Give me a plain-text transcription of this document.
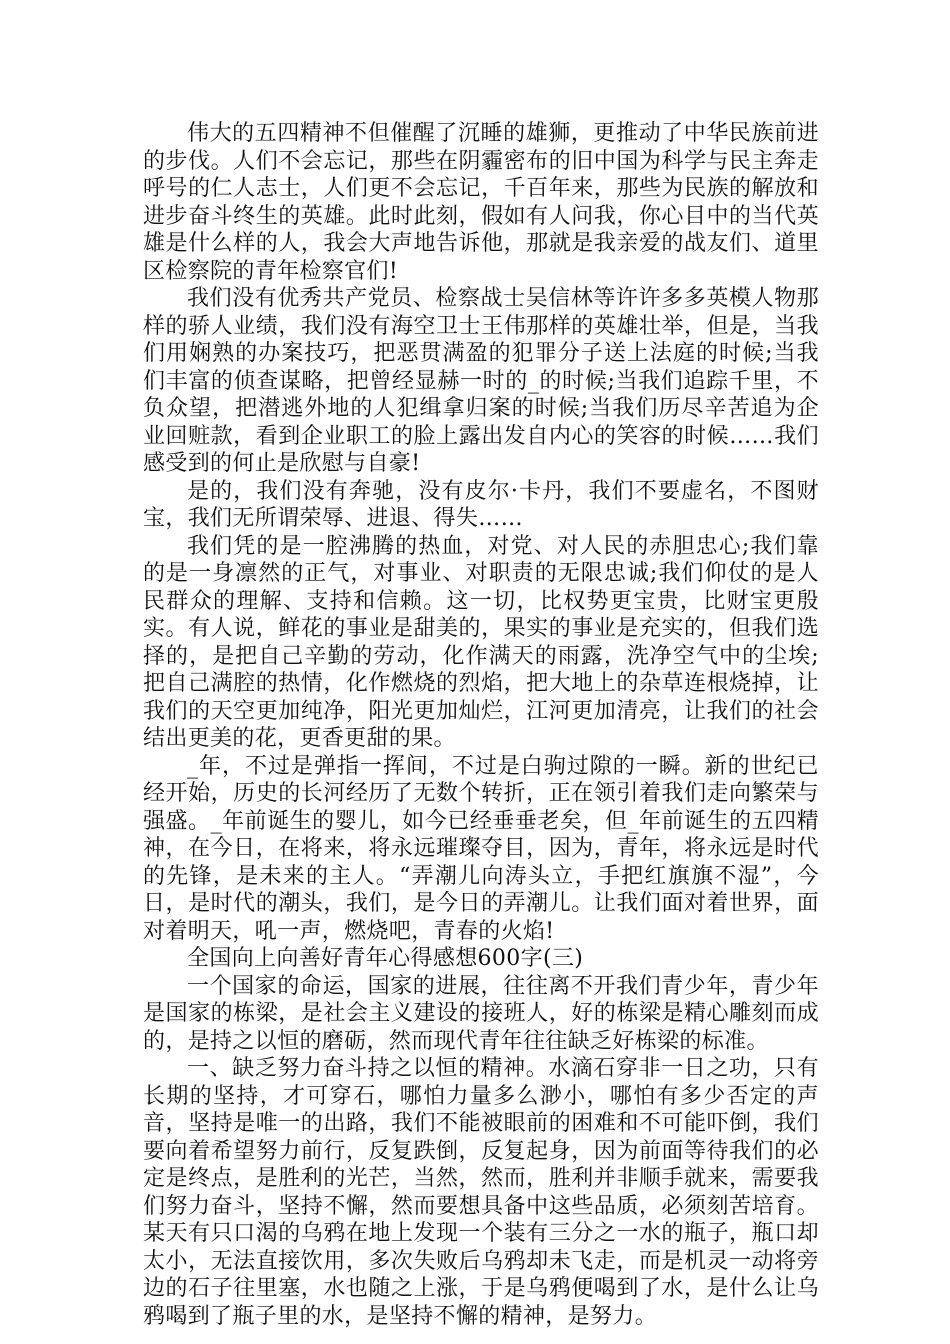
伟大的五四精神不但催醒了沉睡的雄狮，更推动了中华民族前进的步伐。人们不会忘记，那些在阴霾密布的旧中国为科学与民主奔走呼号的仁人志士，人们更不会忘记，千百年来，那些为民族的解放和进步奋斗终生的英雄。此时此刻，假如有人问我，你心目中的当代英雄是什么样的人，我会大声地告诉他，那就是我亲爱的战友们、道里区检察院的青年检察官们!

我们没有优秀共产党员、检察战士吴信林等许许多多英模人物那样的骄人业绩，我们没有海空卫士王伟那样的英雄壮举，但是，当我们用娴熟的办案技巧，把恶贯满盈的犯罪分子送上法庭的时候;当我们丰富的侦查谋略，把曾经显赫一时的_的时候;当我们追踪千里，不负众望，把潜逃外地的人犯缉拿归案的时候;当我们历尽辛苦追为企业回赃款，看到企业职工的脸上露出发自内心的笑容的时候……我们感受到的何止是欣慰与自豪!

是的，我们没有奔驰，没有皮尔·卡丹，我们不要虚名，不图财宝，我们无所谓荣辱、进退、得失……

我们凭的是一腔沸腾的热血，对党、对人民的赤胆忠心;我们靠的是一身凛然的正气，对事业、对职责的无限忠诚;我们仰仗的是人民群众的理解、支持和信赖。这一切，比权势更宝贵，比财宝更殷实。有人说，鲜花的事业是甜美的，果实的事业是充实的，但我们选择的，是把自己辛勤的劳动，化作满天的雨露，洗净空气中的尘埃;把自己满腔的热情，化作燃烧的烈焰，把大地上的杂草连根烧掉，让我们的天空更加纯净，阳光更加灿烂，江河更加清亮，让我们的社会结出更美的花，更香更甜的果。

_年，不过是弹指一挥间，不过是白驹过隙的一瞬。新的世纪已经开始，历史的长河经历了无数个转折，正在领引着我们走向繁荣与强盛。_年前诞生的婴儿，如今已经垂垂老矣，但_年前诞生的五四精神，在今日，在将来，将永远璀璨夺目，因为，青年，将永远是时代的先锋，是未来的主人。“弄潮儿向涛头立，手把红旗旗不湿”，今日，是时代的潮头，我们，是今日的弄潮儿。让我们面对着世界，面对着明天，吼一声，燃烧吧，青春的火焰!

全国向上向善好青年心得感想600字(三)

一个国家的命运，国家的进展，往往离不开我们青少年，青少年是国家的栋梁，是社会主义建设的接班人，好的栋梁是精心雕刻而成的，是持之以恒的磨砺，然而现代青年往往缺乏好栋梁的标准。

一、缺乏努力奋斗持之以恒的精神。水滴石穿非一日之功，只有长期的坚持，才可穿石，哪怕力量多么渺小，哪怕有多少否定的声音，坚持是唯一的出路，我们不能被眼前的困难和不可能吓倒，我们要向着希望努力前行，反复跌倒，反复起身，因为前面等待我们的必定是终点，是胜利的光芒，当然，然而，胜利并非顺手就来，需要我们努力奋斗，坚持不懈，然而要想具备中这些品质，必须刻苦培育。某天有只口渴的乌鸦在地上发现一个装有三分之一水的瓶子，瓶口却太小，无法直接饮用，多次失败后乌鸦却未飞走，而是机灵一动将旁边的石子往里塞，水也随之上涨，于是乌鸦便喝到了水，是什么让乌鸦喝到了瓶子里的水，是坚持不懈的精神，是努力。
